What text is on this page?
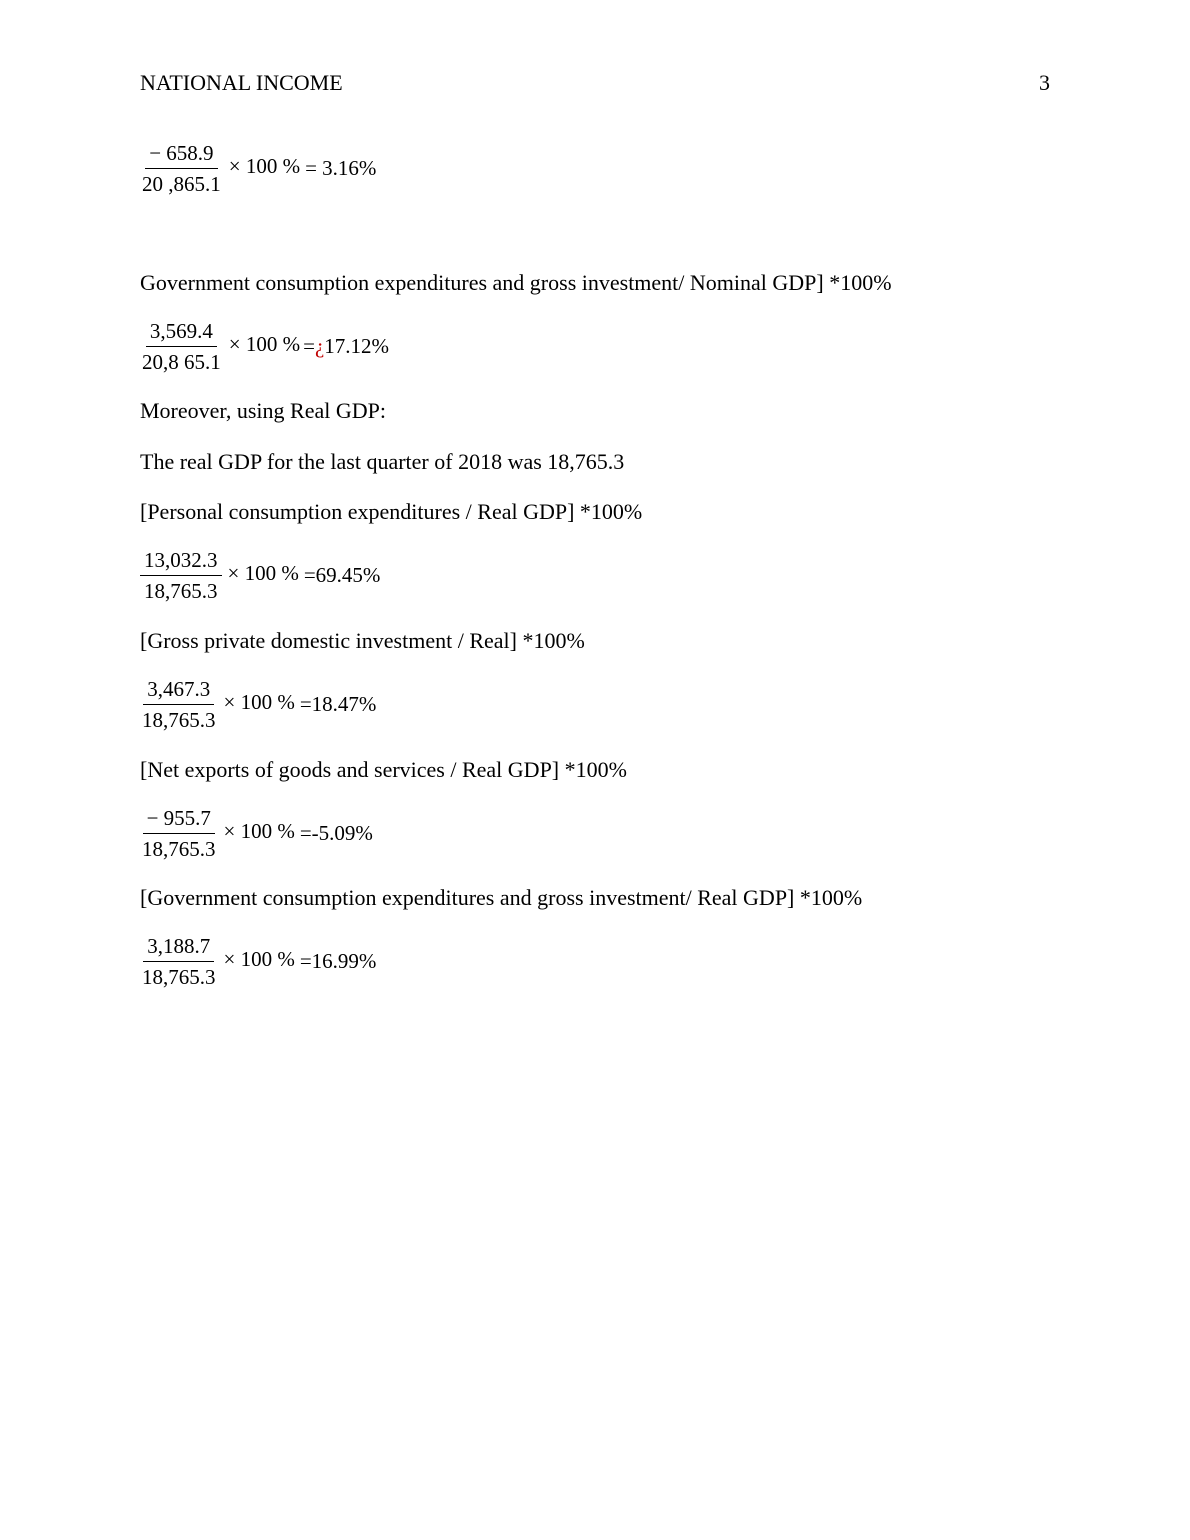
NATIONAL INCOME	3
$\frac{- 658.9}{20 ,865.1} \times 100$ % = 3.16%
Government consumption expenditures and gross investment/ Nominal GDP] *100%
$\frac{3,569.4}{20,8 65.1} \times 100$ % = ¿ 17.12%
Moreover, using Real GDP:
The real GDP for the last quarter of 2018 was 18,765.3
[Personal consumption expenditures / Real GDP] *100%
$\frac{13,032.3}{18,765.3} \times 100$ % =69.45%
[Gross private domestic investment / Real] *100%
$\frac{3,467.3}{18,765.3} \times 100$ % =18.47%
[Net exports of goods and services / Real GDP] *100%
$\frac{- 955.7}{18,765.3} \times 100$ % =-5.09%
[Government consumption expenditures and gross investment/ Real GDP] *100%
$\frac{3,188.7}{18,765.3} \times 100$ % =16.99%
